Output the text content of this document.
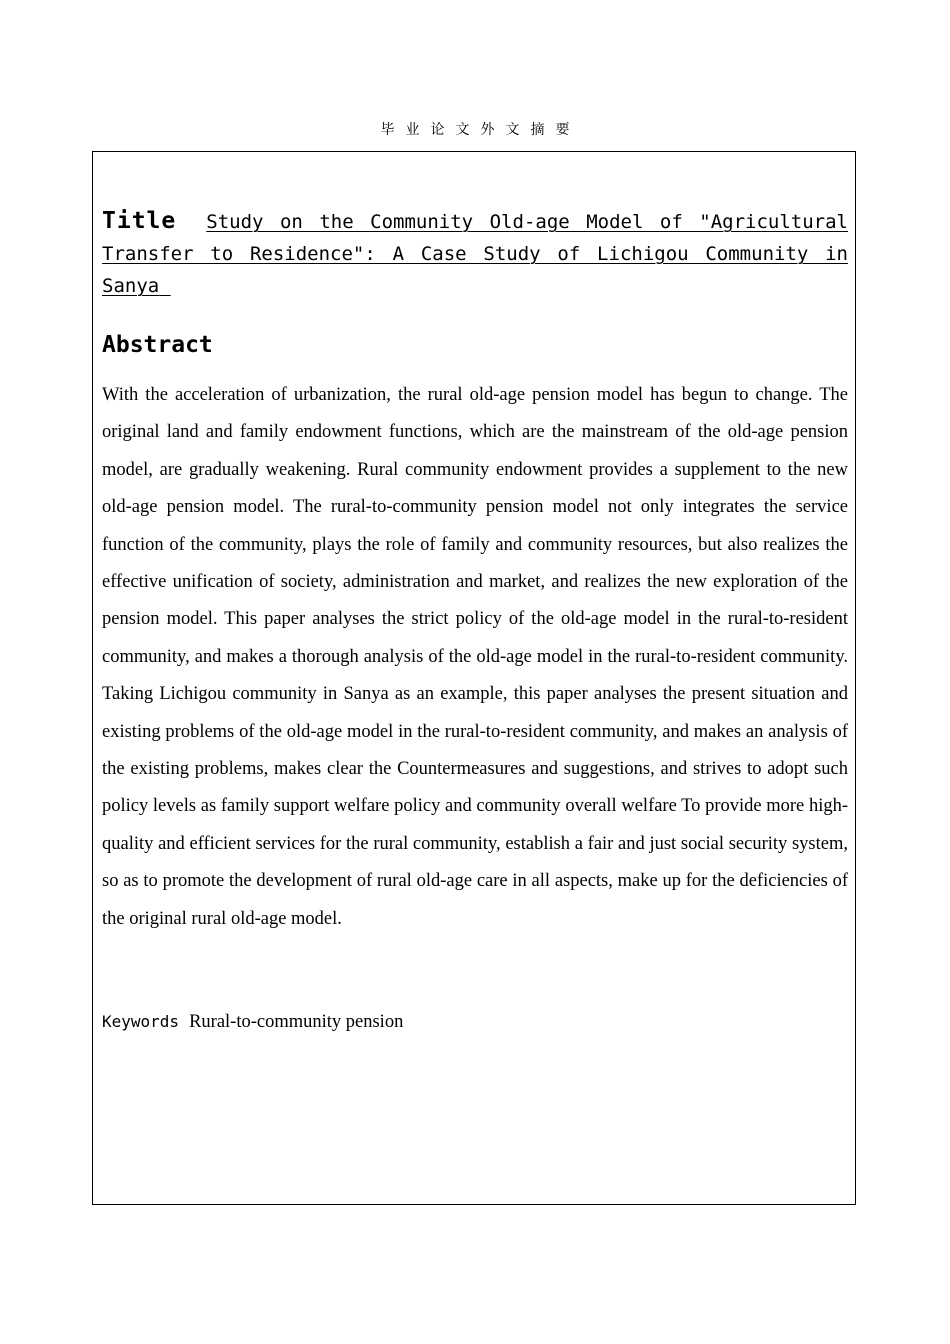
毕业论文外文摘要
Title Study on the Community Old-age Model of "Agricultural Transfer to Residence": A Case Study of Lichigou Community in Sanya
Abstract

With the acceleration of urbanization, the rural old-age pension model has begun to change. The original land and family endowment functions, which are the mainstream of the old-age pension model, are gradually weakening. Rural community endowment provides a supplement to the new old-age pension model. The rural-to-community pension model not only integrates the service function of the community, plays the role of family and community resources, but also realizes the effective unification of society, administration and market, and realizes the new exploration of the pension model. This paper analyses the strict policy of the old-age model in the rural-to-resident community, and makes a thorough analysis of the old-age model in the rural-to-resident community. Taking Lichigou community in Sanya as an example, this paper analyses the present situation and existing problems of the old-age model in the rural-to-resident community, and makes an analysis of the existing problems, makes clear the Countermeasures and suggestions, and strives to adopt such policy levels as family support welfare policy and community overall welfare To provide more high-quality and efficient services for the rural community, establish a fair and just social security system, so as to promote the development of rural old-age care in all aspects, make up for the deficiencies of the original rural old-age model.

Keywords Rural-to-community pension
